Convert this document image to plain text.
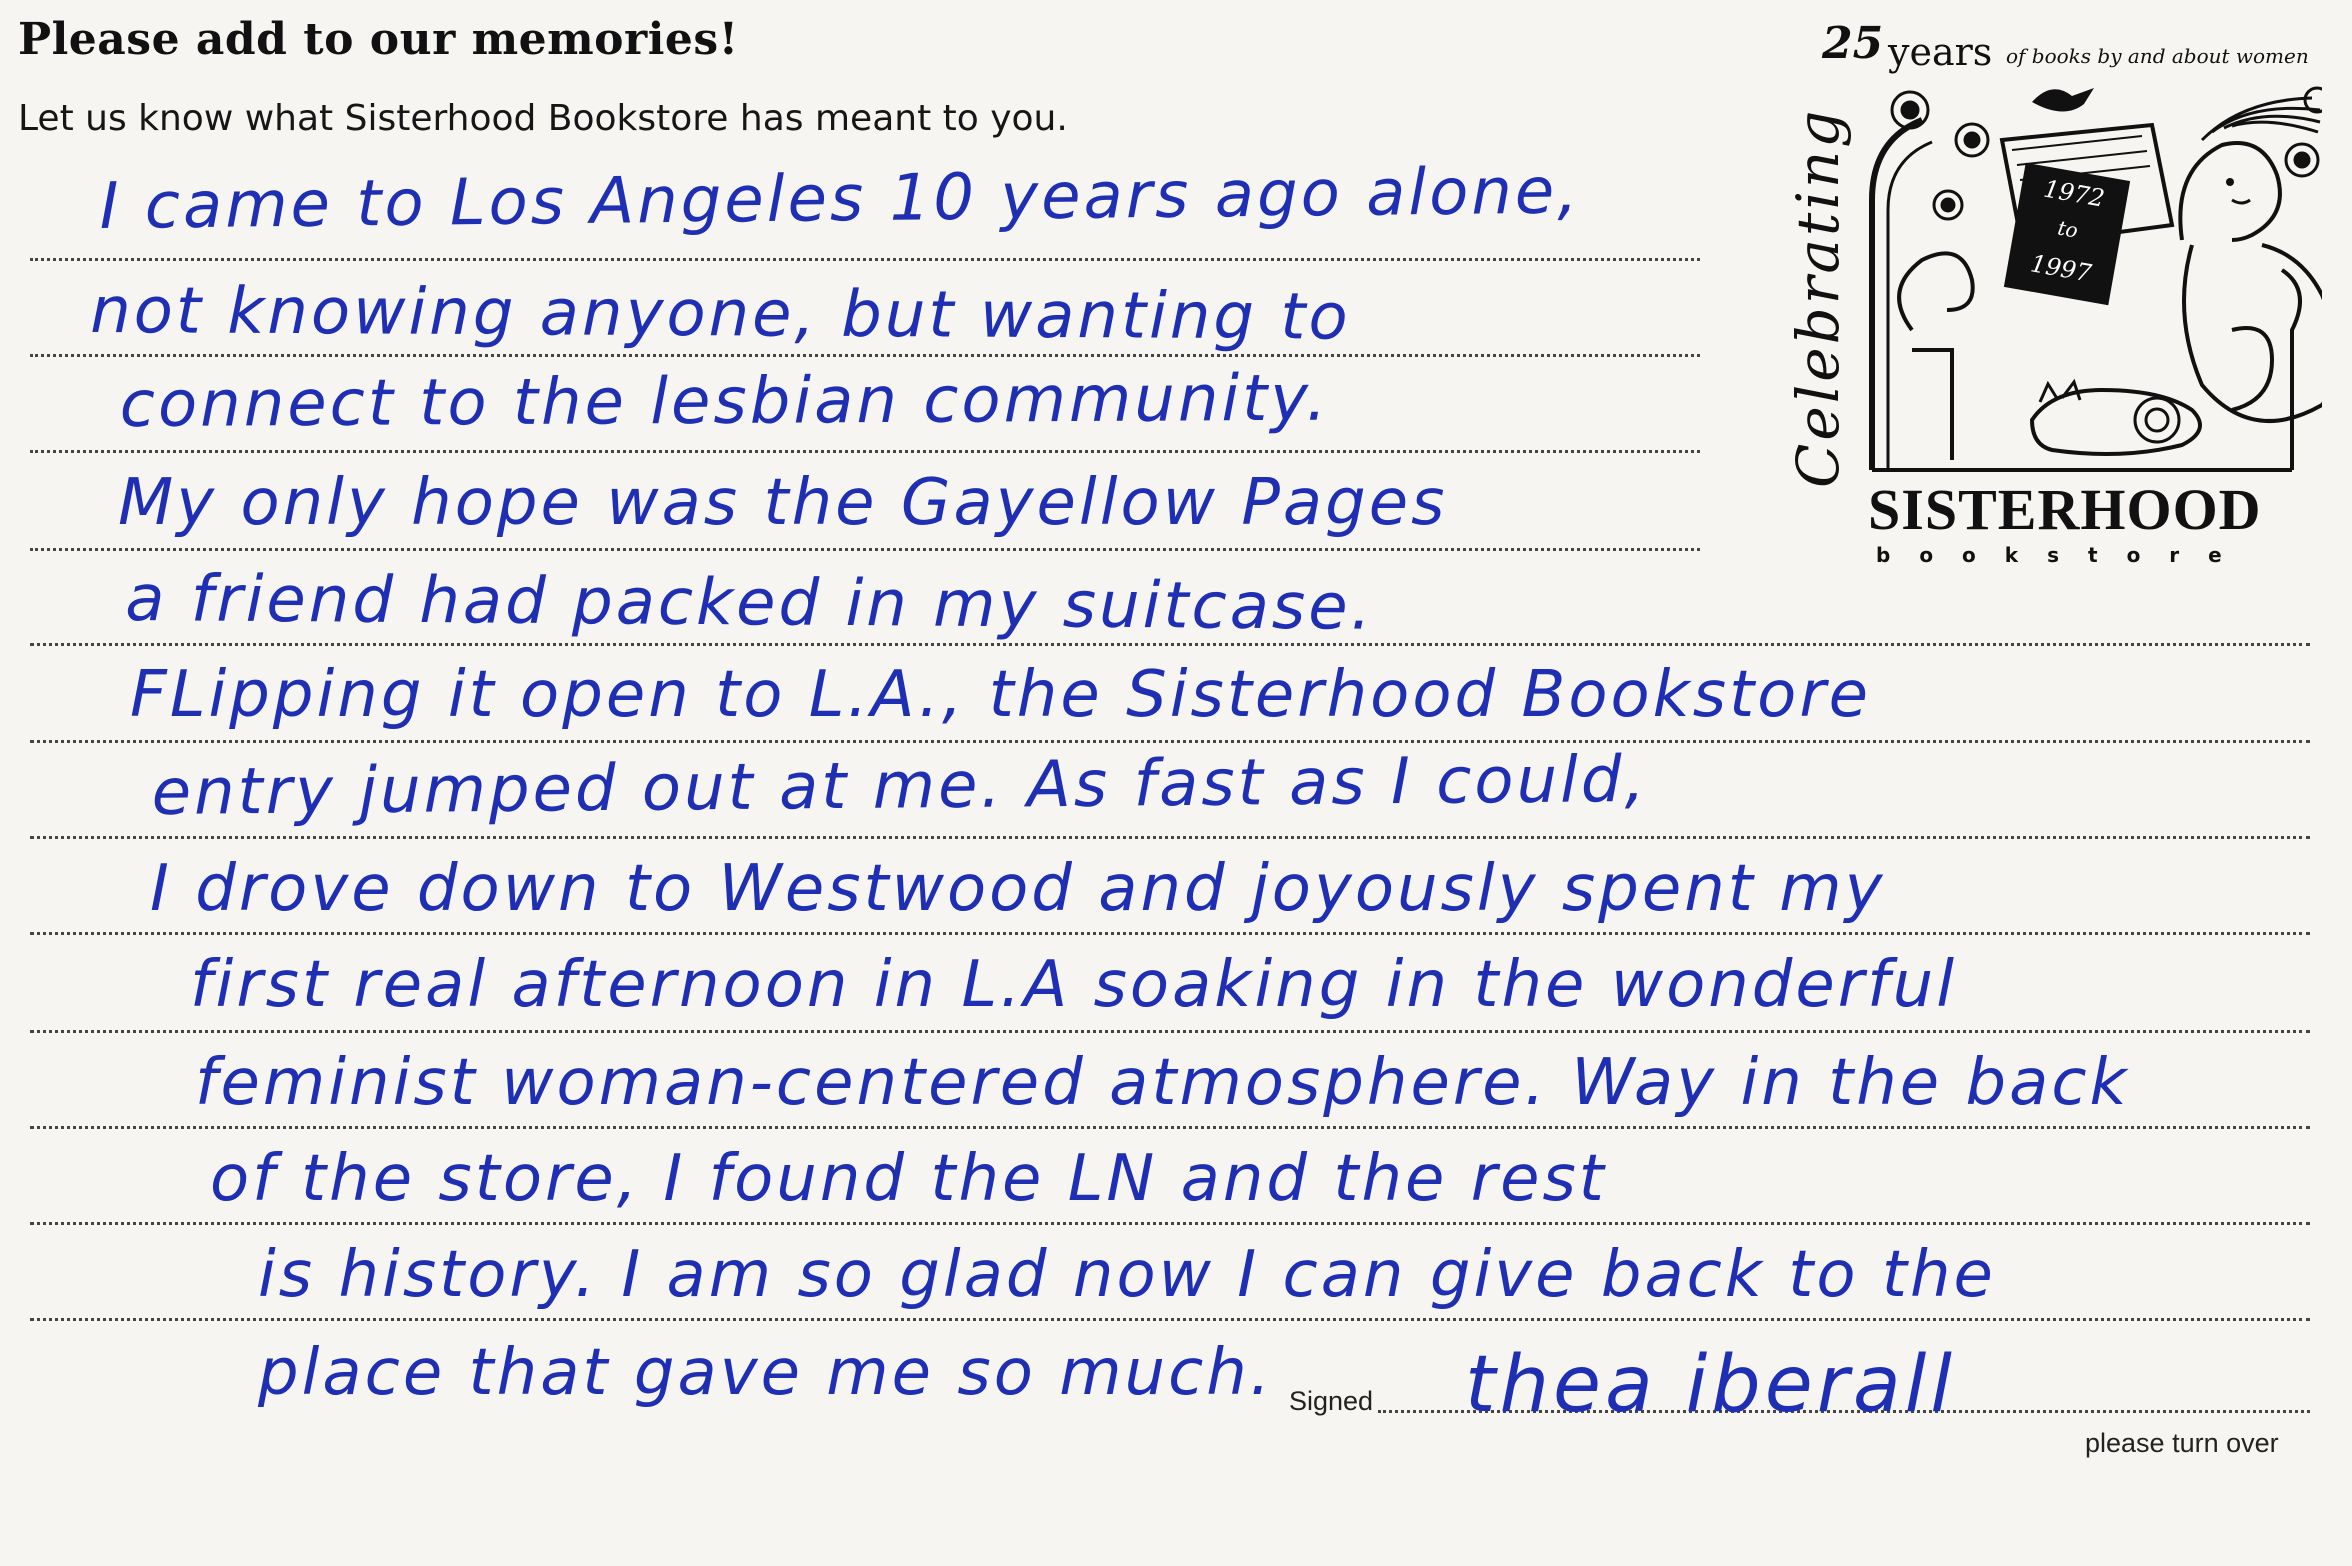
Please add to our memories!
Let us know what Sisterhood Bookstore has meant to you.
I came to Los Angeles 10 years ago alone,
not knowing anyone, but wanting to
connect to the lesbian community.
My only hope was the Gayellow Pages
a friend had packed in my suitcase.
FLipping it open to L.A., the Sisterhood Bookstore
entry jumped out at me. As fast as I could,
I drove down to Westwood and joyously spent my
first real afternoon in L.A soaking in the wonderful
feminist woman-centered atmosphere. Way in the back
of the store, I found the LN and the rest
is history. I am so glad now I can give back to the
place that gave me so much. Signed thea iberall
please turn over
Celebrating
25 years of books by and about women
1972
to
1997
SISTERHOOD
bookstore
